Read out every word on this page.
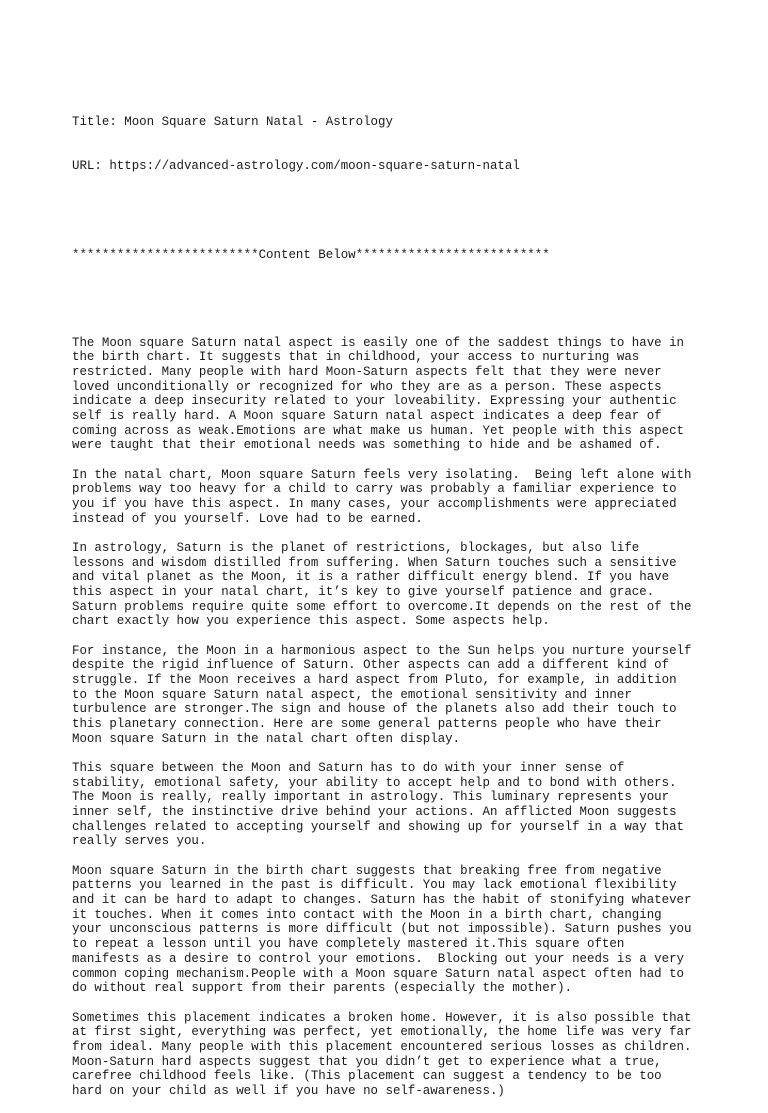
Title: Moon Square Saturn Natal - Astrology

URL: https://advanced-astrology.com/moon-square-saturn-natal

*************************Content Below**************************

The Moon square Saturn natal aspect is easily one of the saddest things to have in
the birth chart. It suggests that in childhood, your access to nurturing was
restricted. Many people with hard Moon-Saturn aspects felt that they were never
loved unconditionally or recognized for who they are as a person. These aspects
indicate a deep insecurity related to your loveability. Expressing your authentic
self is really hard. A Moon square Saturn natal aspect indicates a deep fear of
coming across as weak.Emotions are what make us human. Yet people with this aspect
were taught that their emotional needs was something to hide and be ashamed of.
In the natal chart, Moon square Saturn feels very isolating.  Being left alone with
problems way too heavy for a child to carry was probably a familiar experience to
you if you have this aspect. In many cases, your accomplishments were appreciated
instead of you yourself. Love had to be earned.
In astrology, Saturn is the planet of restrictions, blockages, but also life
lessons and wisdom distilled from suffering. When Saturn touches such a sensitive
and vital planet as the Moon, it is a rather difficult energy blend. If you have
this aspect in your natal chart, it’s key to give yourself patience and grace.
Saturn problems require quite some effort to overcome.It depends on the rest of the
chart exactly how you experience this aspect. Some aspects help.
For instance, the Moon in a harmonious aspect to the Sun helps you nurture yourself
despite the rigid influence of Saturn. Other aspects can add a different kind of
struggle. If the Moon receives a hard aspect from Pluto, for example, in addition
to the Moon square Saturn natal aspect, the emotional sensitivity and inner
turbulence are stronger.The sign and house of the planets also add their touch to
this planetary connection. Here are some general patterns people who have their
Moon square Saturn in the natal chart often display.
This square between the Moon and Saturn has to do with your inner sense of
stability, emotional safety, your ability to accept help and to bond with others.
The Moon is really, really important in astrology. This luminary represents your
inner self, the instinctive drive behind your actions. An afflicted Moon suggests
challenges related to accepting yourself and showing up for yourself in a way that
really serves you.
Moon square Saturn in the birth chart suggests that breaking free from negative
patterns you learned in the past is difficult. You may lack emotional flexibility
and it can be hard to adapt to changes. Saturn has the habit of stonifying whatever
it touches. When it comes into contact with the Moon in a birth chart, changing
your unconscious patterns is more difficult (but not impossible). Saturn pushes you
to repeat a lesson until you have completely mastered it.This square often
manifests as a desire to control your emotions.  Blocking out your needs is a very
common coping mechanism.People with a Moon square Saturn natal aspect often had to
do without real support from their parents (especially the mother).
Sometimes this placement indicates a broken home. However, it is also possible that
at first sight, everything was perfect, yet emotionally, the home life was very far
from ideal. Many people with this placement encountered serious losses as children.
Moon-Saturn hard aspects suggest that you didn’t get to experience what a true,
carefree childhood feels like. (This placement can suggest a tendency to be too
hard on your child as well if you have no self-awareness.)
